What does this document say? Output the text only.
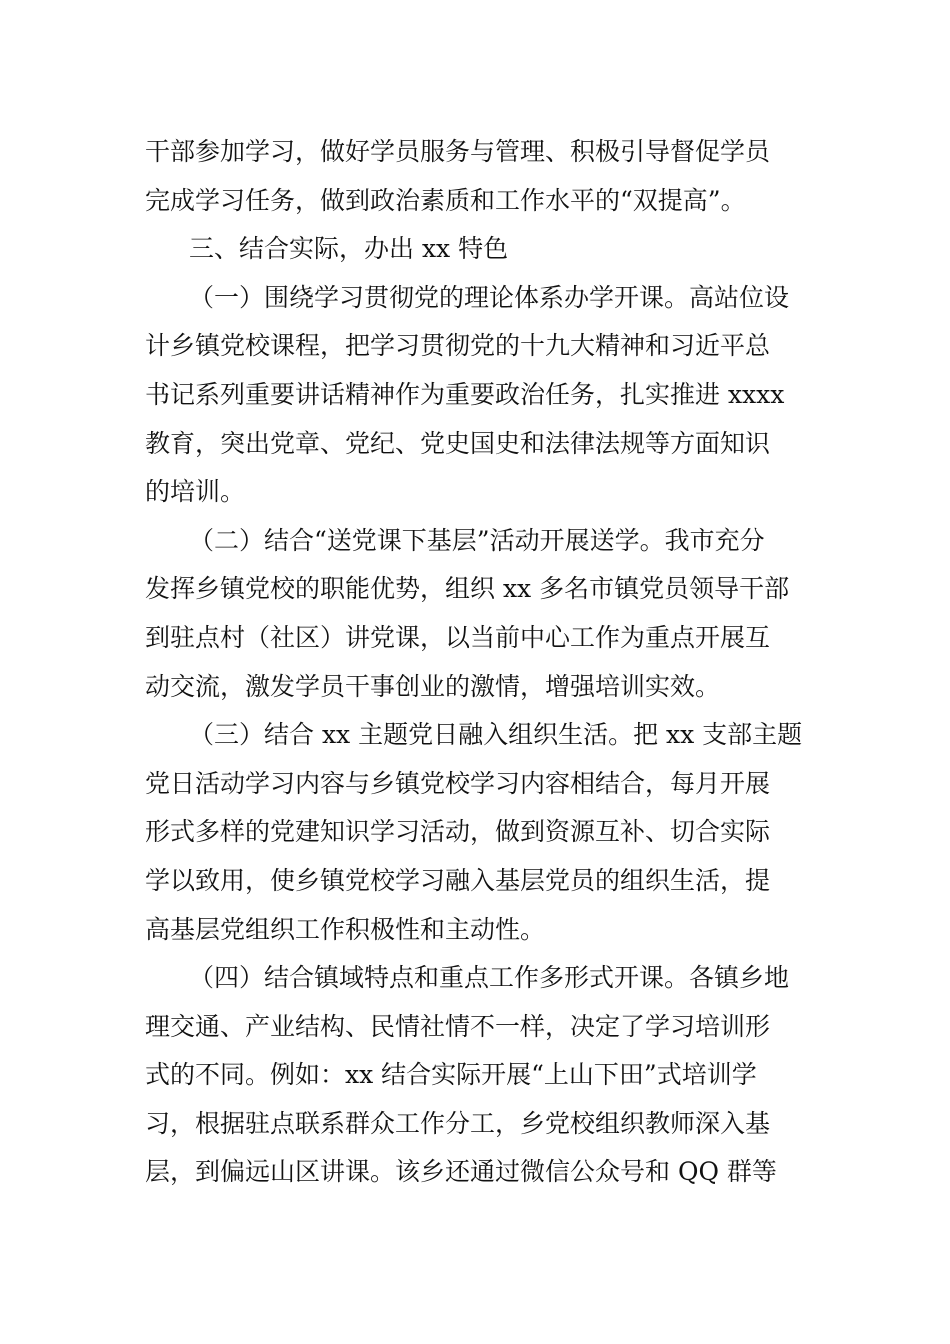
干部参加学习，做好学员服务与管理、积极引导督促学员
完成学习任务，做到政治素质和工作水平的“双提高”。

三、结合实际，办出 xx 特色

（一）围绕学习贯彻党的理论体系办学开课。高站位设
计乡镇党校课程，把学习贯彻党的十九大精神和习近平总
书记系列重要讲话精神作为重要政治任务，扎实推进 xxxx
教育，突出党章、党纪、党史国史和法律法规等方面知识
的培训。

（二）结合“送党课下基层”活动开展送学。我市充分
发挥乡镇党校的职能优势，组织 xx 多名市镇党员领导干部
到驻点村（社区）讲党课，以当前中心工作为重点开展互
动交流，激发学员干事创业的激情，增强培训实效。

（三）结合 xx 主题党日融入组织生活。把 xx 支部主题
党日活动学习内容与乡镇党校学习内容相结合，每月开展
形式多样的党建知识学习活动，做到资源互补、切合实际
学以致用，使乡镇党校学习融入基层党员的组织生活，提
高基层党组织工作积极性和主动性。

（四）结合镇域特点和重点工作多形式开课。各镇乡地
理交通、产业结构、民情社情不一样，决定了学习培训形
式的不同。例如：xx 结合实际开展“上山下田”式培训学
习，根据驻点联系群众工作分工，乡党校组织教师深入基
层，到偏远山区讲课。该乡还通过微信公众号和 QQ 群等
